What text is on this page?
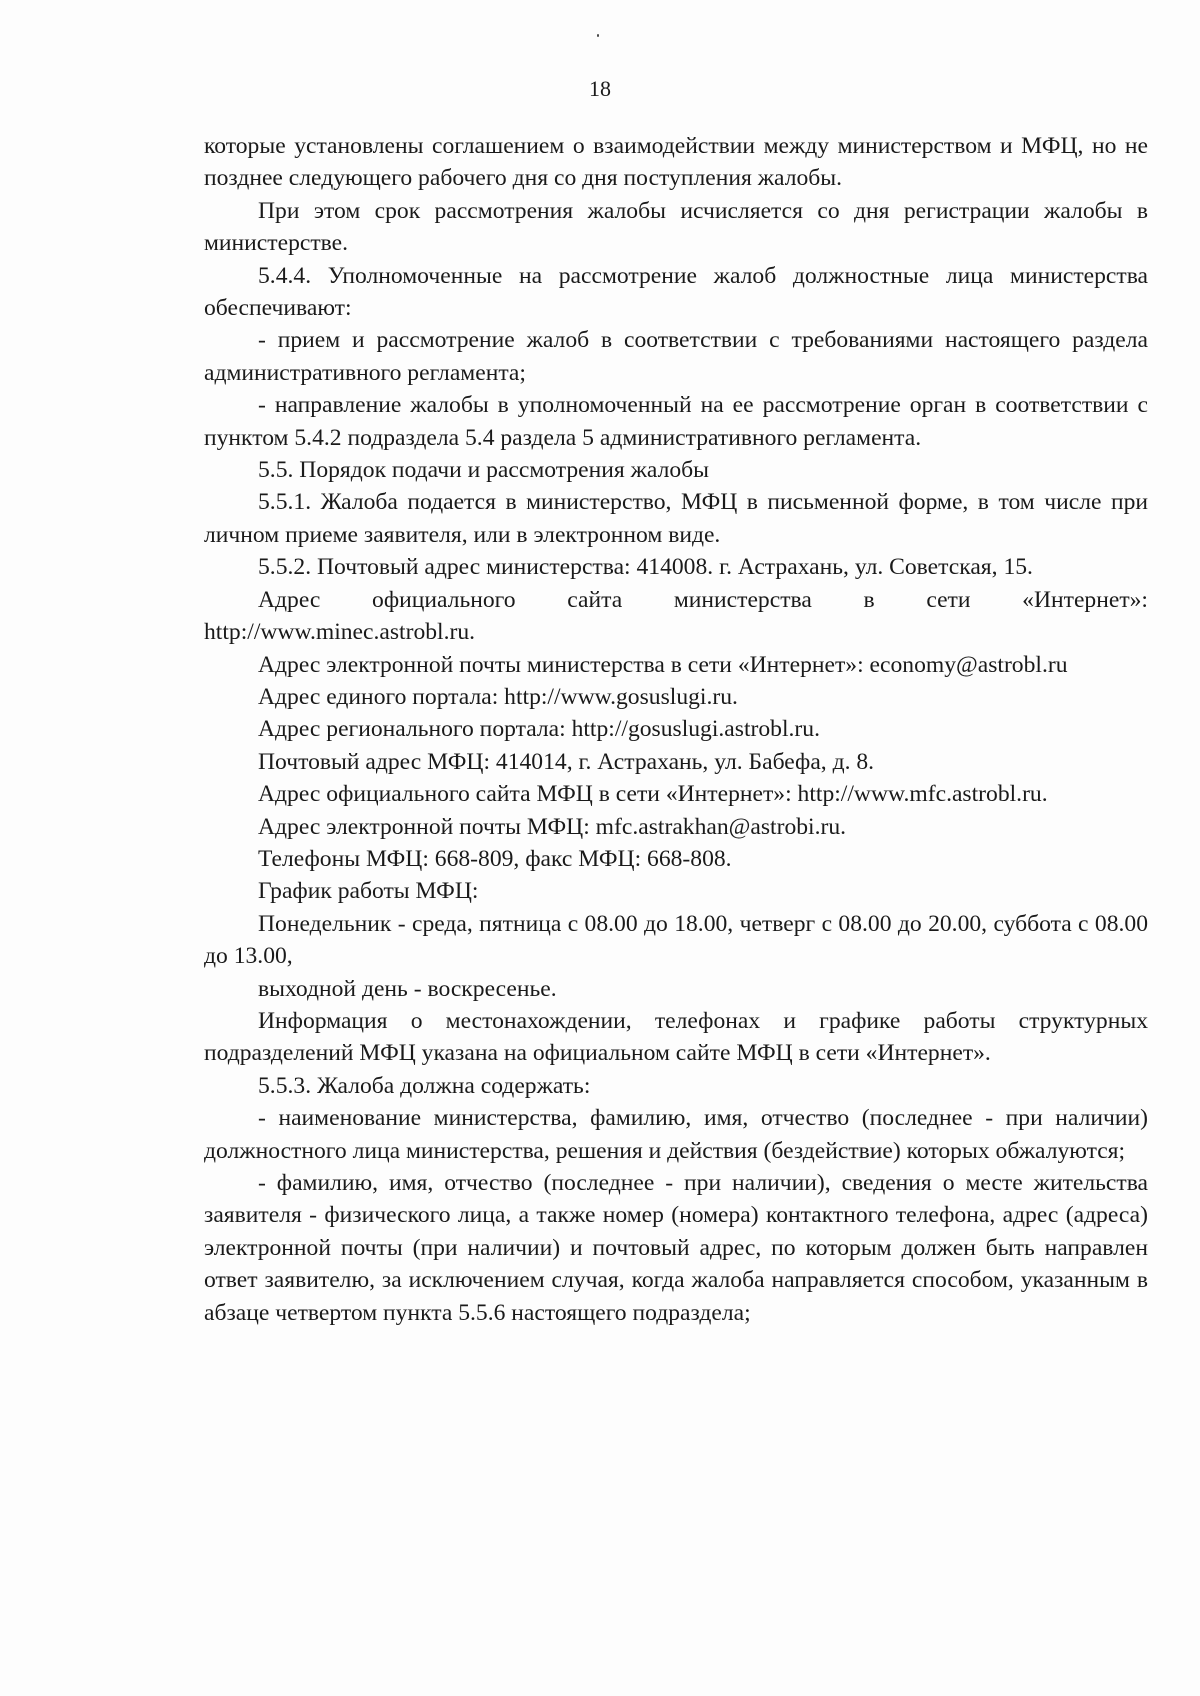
18

которые установлены соглашением о взаимодействии между министерством и МФЦ, но не позднее следующего рабочего дня со дня поступления жалобы.

При этом срок рассмотрения жалобы исчисляется со дня регистрации жалобы в министерстве.

5.4.4. Уполномоченные на рассмотрение жалоб должностные лица министерства обеспечивают:

- прием и рассмотрение жалоб в соответствии с требованиями настоящего раздела административного регламента;

- направление жалобы в уполномоченный на ее рассмотрение орган в соответствии с пунктом 5.4.2 подраздела 5.4 раздела 5 административного регламента.

5.5. Порядок подачи и рассмотрения жалобы

5.5.1. Жалоба подается в министерство, МФЦ в письменной форме, в том числе при личном приеме заявителя, или в электронном виде.

5.5.2. Почтовый адрес министерства: 414008. г. Астрахань, ул. Советская, 15.

Адрес официального сайта министерства в сети «Интернет»: http://www.minec.astrobl.ru.

Адрес электронной почты министерства в сети «Интернет»: economy@astrobl.ru

Адрес единого портала: http://www.gosuslugi.ru.

Адрес регионального портала: http://gosuslugi.astrobl.ru.

Почтовый адрес МФЦ: 414014, г. Астрахань, ул. Бабефа, д. 8.

Адрес официального сайта МФЦ в сети «Интернет»: http://www.mfc.astrobl.ru.

Адрес электронной почты МФЦ: mfc.astrakhan@astrobi.ru.

Телефоны МФЦ: 668-809, факс МФЦ: 668-808.

График работы МФЦ:

Понедельник - среда, пятница с 08.00 до 18.00, четверг с 08.00 до 20.00, суббота с 08.00 до 13.00,

выходной день - воскресенье.

Информация о местонахождении, телефонах и графике работы структурных подразделений МФЦ указана на официальном сайте МФЦ в сети «Интернет».

5.5.3. Жалоба должна содержать:

- наименование министерства, фамилию, имя, отчество (последнее - при наличии) должностного лица министерства, решения и действия (бездействие) которых обжалуются;

- фамилию, имя, отчество (последнее - при наличии), сведения о месте жительства заявителя - физического лица, а также номер (номера) контактного телефона, адрес (адреса) электронной почты (при наличии) и почтовый адрес, по которым должен быть направлен ответ заявителю, за исключением случая, когда жалоба направляется способом, указанным в абзаце четвертом пункта 5.5.6 настоящего подраздела;
